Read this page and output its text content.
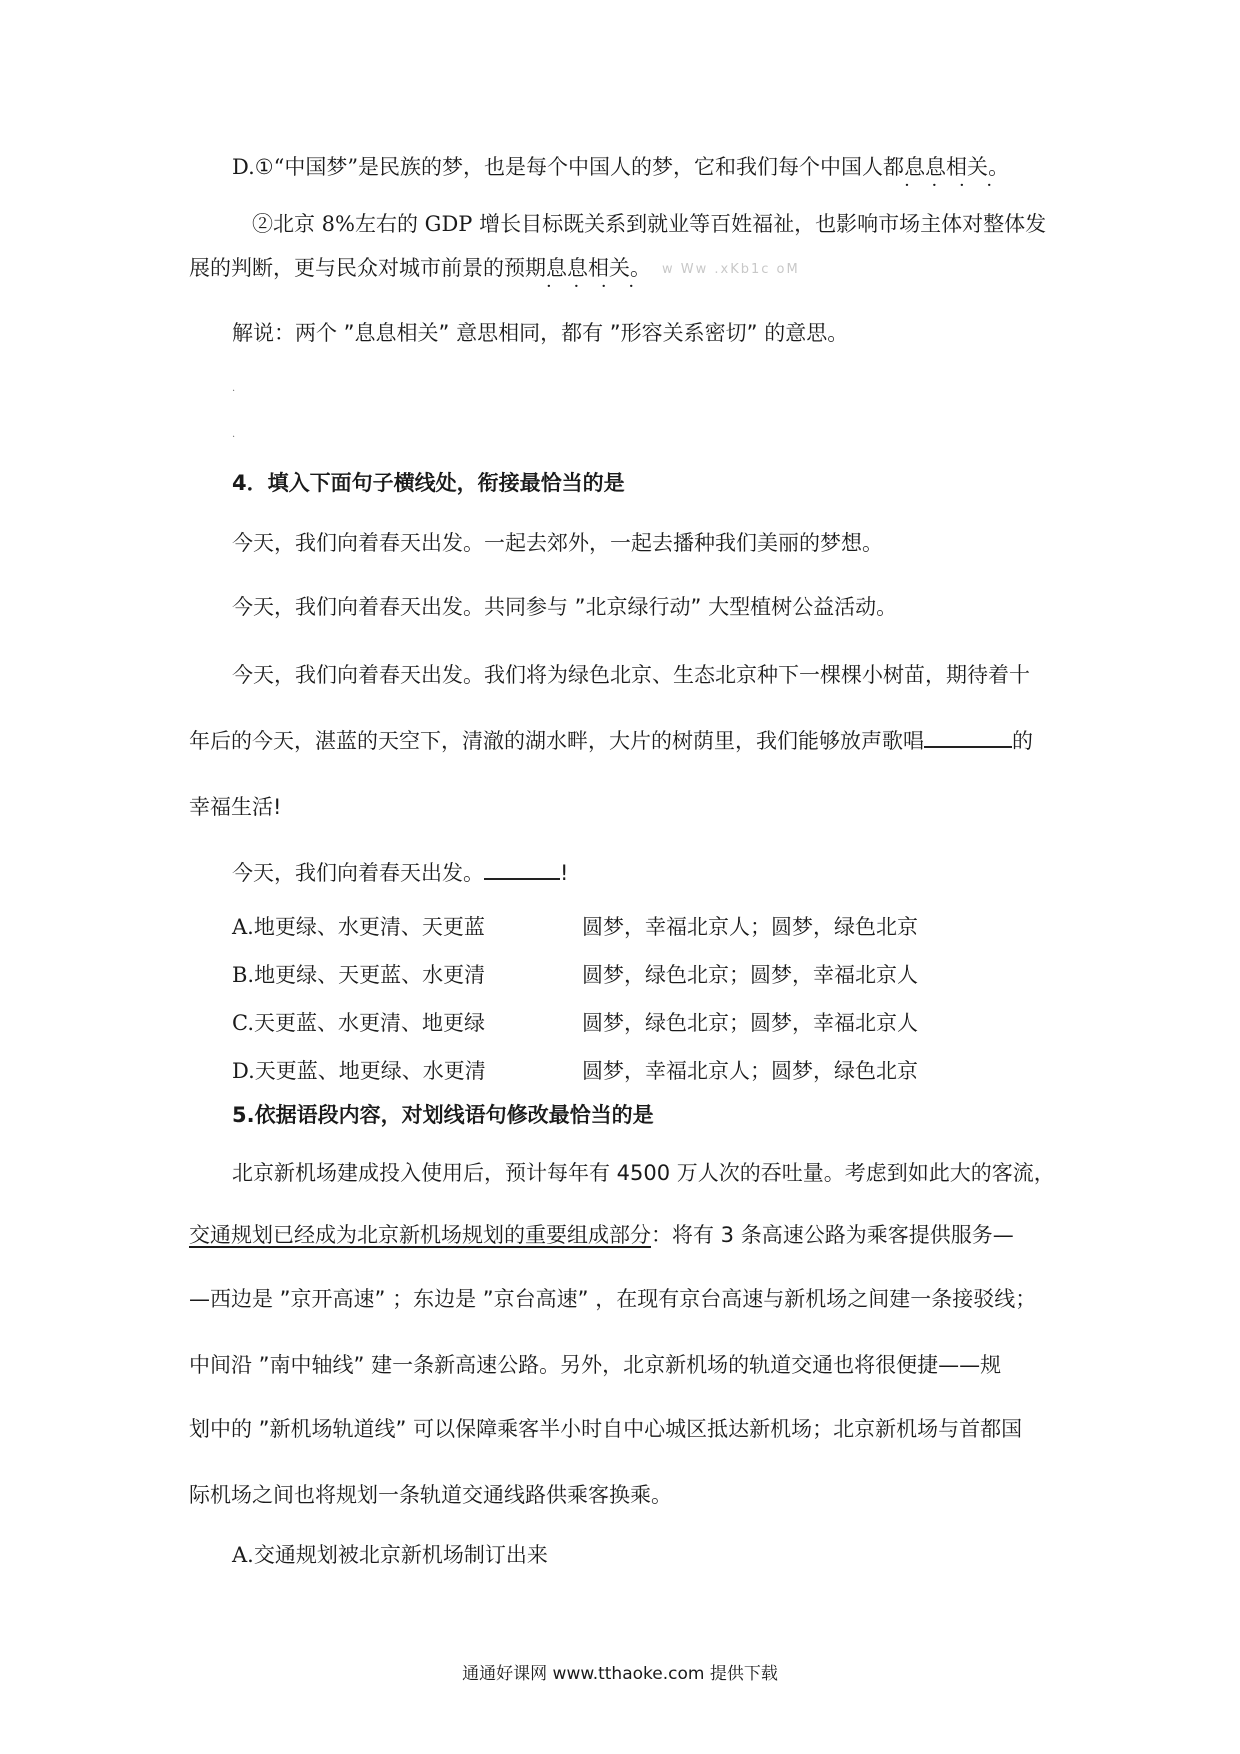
D.①“中国梦”是民族的梦，也是每个中国人的梦，它和我们每个中国人都息息相关 · · · ·。
②北京 8%左右的 GDP 增长目标既关系到就业等百姓福祉，也影响市场主体对整体发
展的判断，更与民众对城市前景的预期息息相关 · · · ·。 w Ww .xKb1c oM
解说：两个 ”息息相关” 意思相同，都有 ”形容关系密切” 的意思。
·
·
4．填入下面句子横线处，衔接最恰当的是
今天，我们向着春天出发。一起去郊外，一起去播种我们美丽的梦想。
今天，我们向着春天出发。共同参与 ”北京绿行动” 大型植树公益活动。
今天，我们向着春天出发。我们将为绿色北京、生态北京种下一棵棵小树苗，期待着十
年后的今天，湛蓝的天空下，清澈的湖水畔，大片的树荫里，我们能够放声歌唱	的
幸福生活!
今天，我们向着春天出发。	!
A.地更绿、水更清、天更蓝	圆梦，幸福北京人；圆梦，绿色北京
B.地更绿、天更蓝、水更清	圆梦，绿色北京；圆梦，幸福北京人
C.天更蓝、水更清、地更绿	圆梦，绿色北京；圆梦，幸福北京人
D.天更蓝、地更绿、水更清	圆梦，幸福北京人；圆梦，绿色北京
5.依据语段内容，对划线语句修改最恰当的是
北京新机场建成投入使用后，预计每年有 4500 万人次的吞吐量。考虑到如此大的客流，
交通规划已经成为北京新机场规划的重要组成部分：将有 3 条高速公路为乘客提供服务—
—西边是 ”京开高速” ；东边是 ”京台高速” ，在现有京台高速与新机场之间建一条接驳线；
中间沿 ”南中轴线” 建一条新高速公路。另外，北京新机场的轨道交通也将很便捷——规
划中的 ”新机场轨道线” 可以保障乘客半小时自中心城区抵达新机场；北京新机场与首都国
际机场之间也将规划一条轨道交通线路供乘客换乘。
A.交通规划被北京新机场制订出来
通通好课网 www.tthaoke.com 提供下载
